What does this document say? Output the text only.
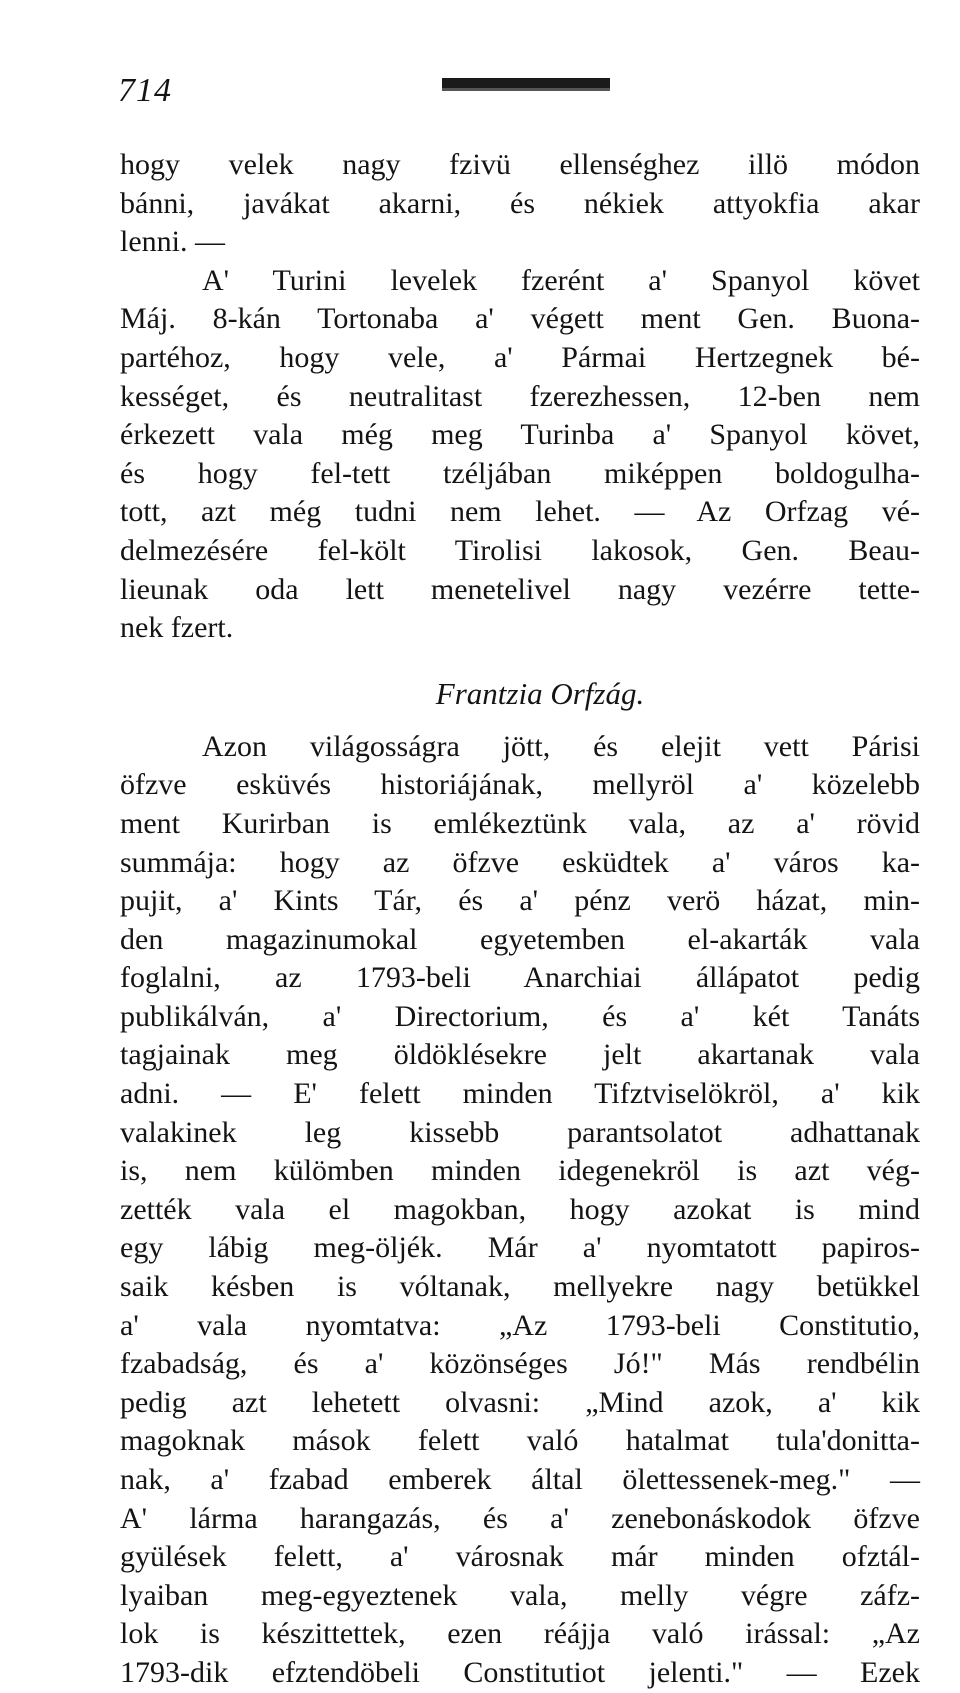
714
hogy velek nagy fzivü ellenséghez illö módon
bánni, javákat akarni, és nékiek attyokfia akar
lenni. —
A' Turini levelek fzerént a' Spanyol követ
Máj. 8-kán Tortonaba a' végett ment Gen. Buona-
partéhoz, hogy vele, a' Pármai Hertzegnek bé-
kességet, és neutralitast fzerezhessen, 12-ben nem
érkezett vala még meg Turinba a' Spanyol követ,
és hogy fel-tett tzéljában miképpen boldogulha-
tott, azt még tudni nem lehet. — Az Orfzag vé-
delmezésére fel-költ Tirolisi lakosok, Gen. Beau-
lieunak oda lett menetelivel nagy vezérre tette-
nek fzert.
Frantzia Orfzág.
Azon világosságra jött, és elejit vett Párisi
öfzve esküvés historiájának, mellyröl a' közelebb
ment Kurirban is emlékeztünk vala, az a' rövid
summája: hogy az öfzve esküdtek a' város ka-
pujit, a' Kints Tár, és a' pénz verö házat, min-
den magazinumokal egyetemben el-akarták vala
foglalni, az 1793-beli Anarchiai állápatot pedig
publikálván, a' Directorium, és a' két Tanáts
tagjainak meg öldöklésekre jelt akartanak vala
adni. — E' felett minden Tifztviselökröl, a' kik
valakinek leg kissebb parantsolatot adhattanak
is, nem külömben minden idegenekröl is azt vég-
zették vala el magokban, hogy azokat is mind
egy lábig meg-öljék. Már a' nyomtatott papiros-
saik késben is vóltanak, mellyekre nagy betükkel
a' vala nyomtatva: „Az 1793-beli Constitutio,
fzabadság, és a' közönséges Jó!" Más rendbélin
pedig azt lehetett olvasni: „Mind azok, a' kik
magoknak mások felett való hatalmat tula'donitta-
nak, a' fzabad emberek által ölettessenek-meg." —
A' lárma harangazás, és a' zenebonáskodok öfzve
gyülések felett, a' városnak már minden ofztál-
lyaiban meg-egyeztenek vala, melly végre záfz-
lok is készittettek, ezen réájja való irással: „Az
1793-dik efztendöbeli Constitutiot jelenti." — Ezek
